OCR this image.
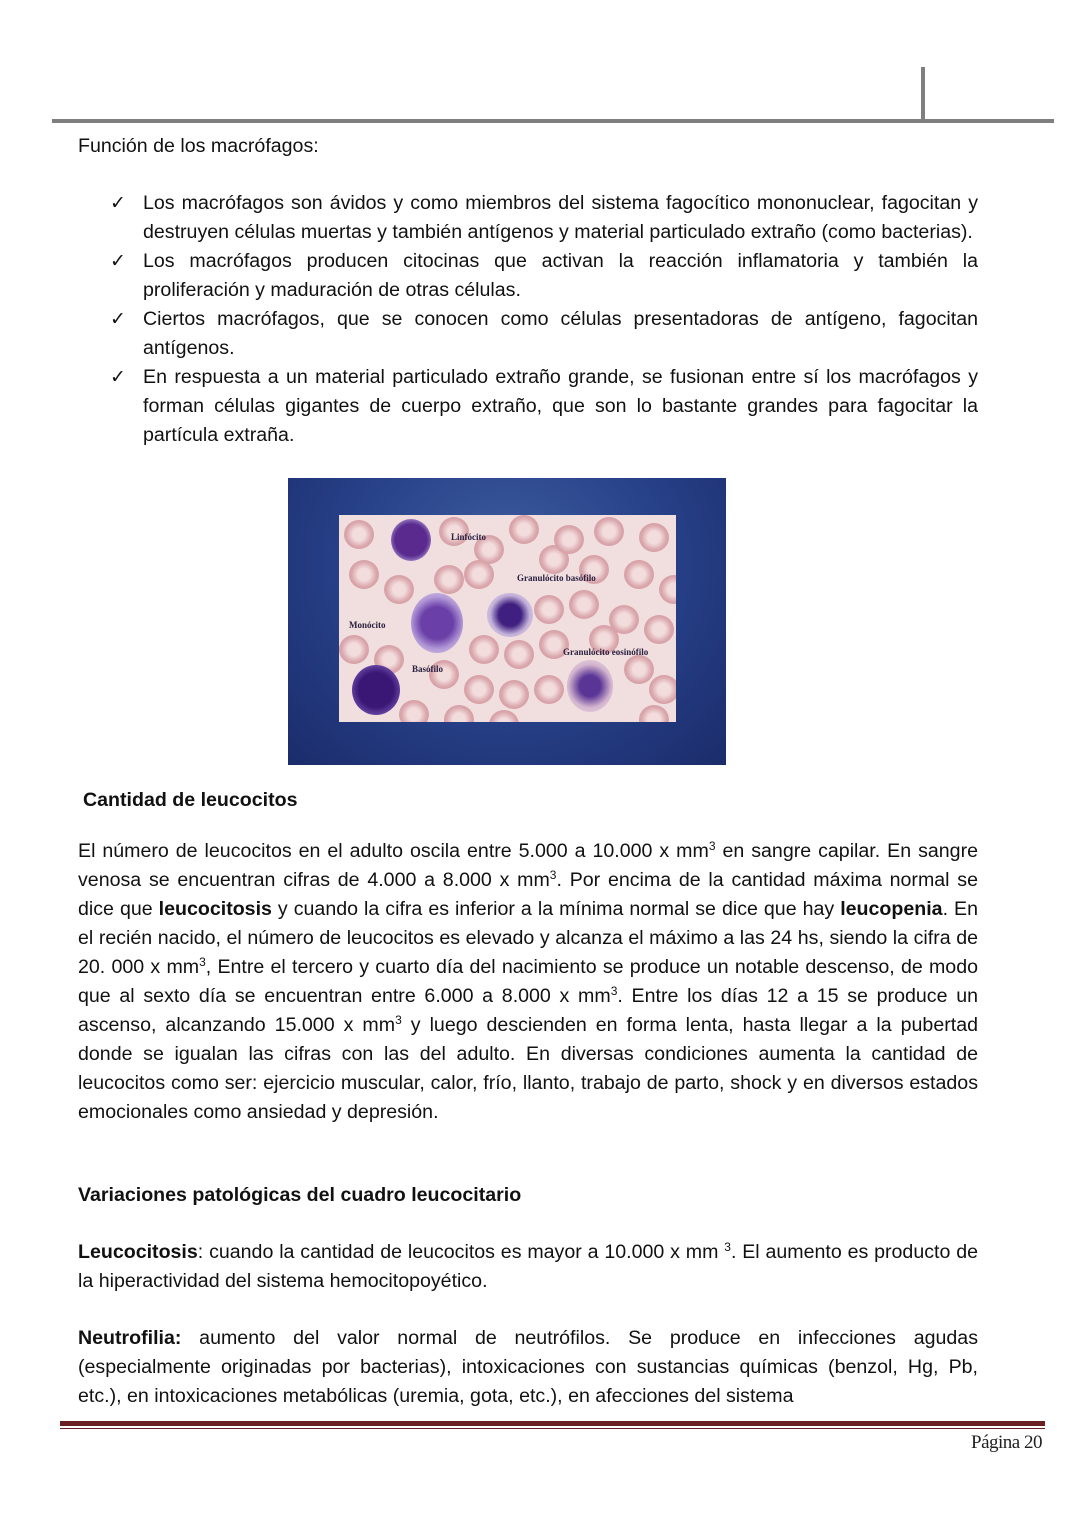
Función de los macrófagos:
✓ Los macrófagos son ávidos y como miembros del sistema fagocítico mononuclear, fagocitan y destruyen células muertas y también antígenos y material particulado extraño (como bacterias).
✓ Los macrófagos producen citocinas que activan la reacción inflamatoria y también la proliferación y maduración de otras células.
✓ Ciertos macrófagos, que se conocen como células presentadoras de antígeno, fagocitan antígenos.
✓ En respuesta a un material particulado extraño grande, se fusionan entre sí los macrófagos y forman células gigantes de cuerpo extraño, que son lo bastante grandes para fagocitar la partícula extraña.
Linfócito
Granulócito basófilo
Monócito
Granulócito eosinófilo
Basófilo
Cantidad de leucocitos

El número de leucocitos en el adulto oscila entre 5.000 a 10.000 x $mm^3$ en sangre capilar. En sangre venosa se encuentran cifras de 4.000 a 8.000 x $mm^3$. Por encima de la cantidad máxima normal se dice que leucocitosis y cuando la cifra es inferior a la mínima normal se dice que hay leucopenia. En el recién nacido, el número de leucocitos es elevado y alcanza el máximo a las 24 hs, siendo la cifra de 20. 000 x $mm^3$, Entre el tercero y cuarto día del nacimiento se produce un notable descenso, de modo que al sexto día se encuentran entre 6.000 a 8.000 x $mm^3$. Entre los días 12 a 15 se produce un ascenso, alcanzando 15.000 x $mm^3$ y luego descienden en forma lenta, hasta llegar a la pubertad donde se igualan las cifras con las del adulto. En diversas condiciones aumenta la cantidad de leucocitos como ser: ejercicio muscular, calor, frío, llanto, trabajo de parto, shock y en diversos estados emocionales como ansiedad y depresión.

Variaciones patológicas del cuadro leucocitario

Leucocitosis: cuando la cantidad de leucocitos es mayor a 10.000 x mm $^3$. El aumento es producto de la hiperactividad del sistema hemocitopoyético.

Neutrofilia: aumento del valor normal de neutrófilos. Se produce en infecciones agudas (especialmente originadas por bacterias), intoxicaciones con sustancias químicas (benzol, Hg, Pb, etc.), en intoxicaciones metabólicas (uremia, gota, etc.), en afecciones del sistema

Página 20
